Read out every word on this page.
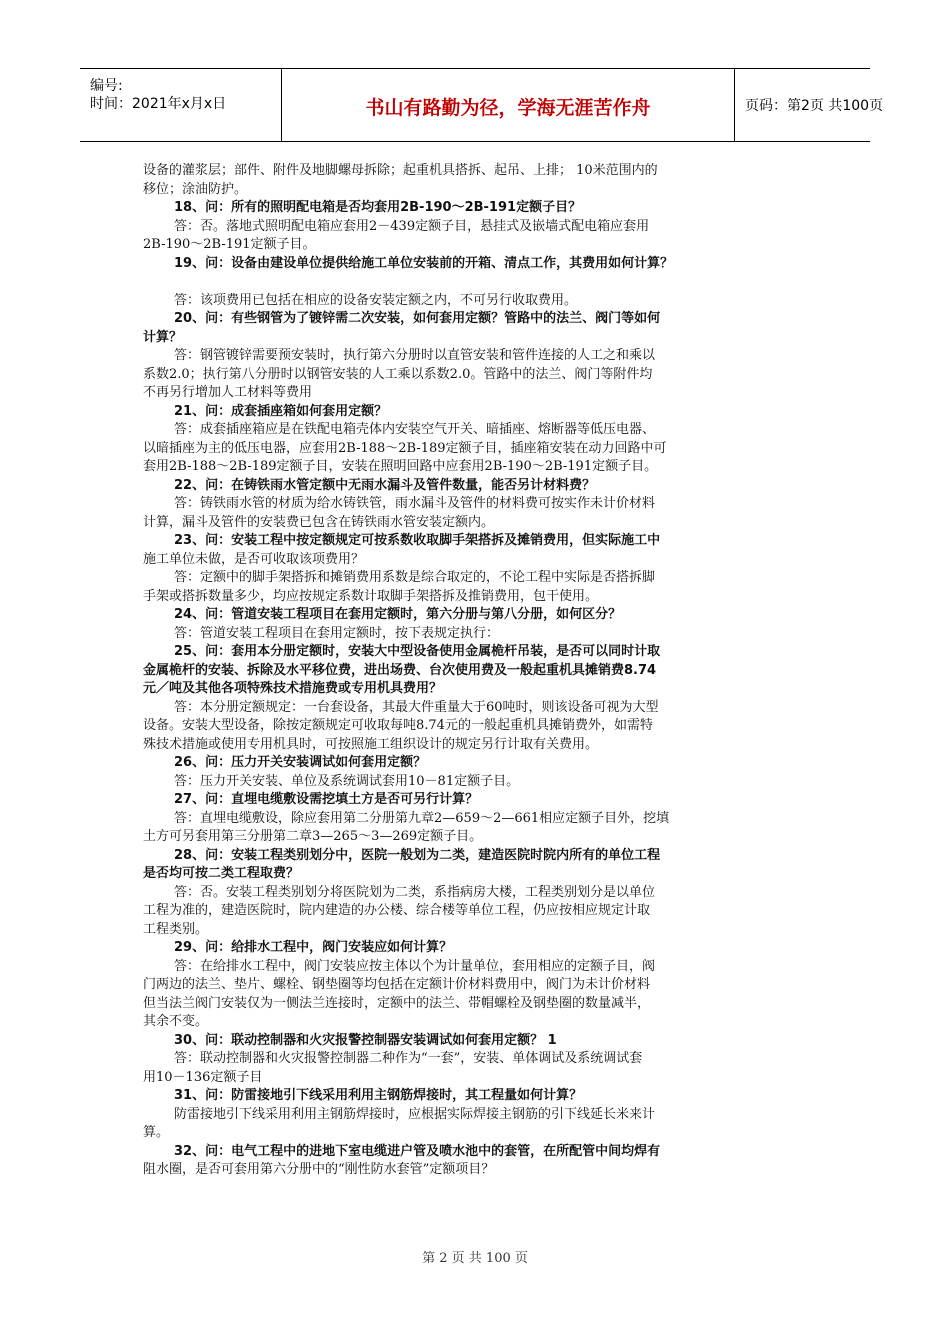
编号:
时间：2021年x月x日	书山有路勤为径，学海无涯苦作舟	页码：第2页 共100页
设备的灌浆层；部件、附件及地脚螺母拆除；起重机具搭拆、起吊、上排； 10米范围内的
移位；涂油防护。
18、问：所有的照明配电箱是否均套用2B-190～2B-191定额子目？
答：否。落地式照明配电箱应套用2－439定额子目，悬挂式及嵌墙式配电箱应套用
2B-190～2B-191定额子目。
19、问：设备由建设单位提供给施工单位安装前的开箱、清点工作，其费用如何计算？
答：该项费用已包括在相应的设备安装定额之内，不可另行收取费用。
20、问：有些钢管为了镀锌需二次安装，如何套用定额？管路中的法兰、阀门等如何
计算？
答：钢管镀锌需要预安装时，执行第六分册时以直管安装和管件连接的人工之和乘以
系数2.0；执行第八分册时以钢管安装的人工乘以系数2.0。管路中的法兰、阀门等附件均
不再另行增加人工材料等费用
21、问：成套插座箱如何套用定额？
答：成套插座箱应是在铁配电箱壳体内安装空气开关、暗插座、熔断器等低压电器、
以暗插座为主的低压电器，应套用2B-188～2B-189定额子目，插座箱安装在动力回路中可
套用2B-188～2B-189定额子目，安装在照明回路中应套用2B-190～2B-191定额子目。
22、问：在铸铁雨水管定额中无雨水漏斗及管件数量，能否另计材料费？
答：铸铁雨水管的材质为给水铸铁管，雨水漏斗及管件的材料费可按实作未计价材料
计算，漏斗及管件的安装费已包含在铸铁雨水管安装定额内。
23、问：安装工程中按定额规定可按系数收取脚手架搭拆及摊销费用，但实际施工中
施工单位未做，是否可收取该项费用？
答：定额中的脚手架搭拆和摊销费用系数是综合取定的，不论工程中实际是否搭拆脚
手架或搭拆数量多少，均应按规定系数计取脚手架搭拆及推销费用，包干使用。
24、问：管道安装工程项目在套用定额时，第六分册与第八分册，如何区分？
答：管道安装工程项目在套用定额时，按下表规定执行：
25、问：套用本分册定额时，安装大中型设备使用金属桅杆吊装，是否可以同时计取
金属桅杆的安装、拆除及水平移位费，进出场费、台次使用费及一般起重机具摊销费8.74
元／吨及其他各项特殊技术措施费或专用机具费用？
答：本分册定额规定：一台套设备，其最大件重量大于60吨时，则该设备可视为大型
设备。安装大型设备，除按定额规定可收取每吨8.74元的一般起重机具摊销费外，如需特
殊技术措施或使用专用机具时，可按照施工组织设计的规定另行计取有关费用。
26、问：压力开关安装调试如何套用定额？
答：压力开关安装、单位及系统调试套用10－81定额子目。
27、问：直埋电缆敷设需挖填土方是否可另行计算？
答：直埋电缆敷设，除应套用第二分册第九章2—659～2—661相应定额子目外，挖填
土方可另套用第三分册第二章3—265～3—269定额子目。
28、问：安装工程类别划分中，医院一般划为二类，建造医院时院内所有的单位工程
是否均可按二类工程取费？
答：否。安装工程类别划分将医院划为二类，系指病房大楼，工程类别划分是以单位
工程为准的，建造医院时，院内建造的办公楼、综合楼等单位工程，仍应按相应规定计取
工程类别。
29、问：给排水工程中，阀门安装应如何计算？
答：在给排水工程中，阀门安装应按主体以个为计量单位，套用相应的定额子目，阀
门两边的法兰、垫片、螺栓、钢垫圈等均包括在定额计价材料费用中，阀门为未计价材料
但当法兰阀门安装仅为一侧法兰连接时，定额中的法兰、带帽螺栓及钢垫圈的数量减半，
其余不变。
30、问：联动控制器和火灾报警控制器安装调试如何套用定额？ 1
答：联动控制器和火灾报警控制器二种作为“一套”，安装、单体调试及系统调试套
用10－136定额子目
31、问：防雷接地引下线采用利用主钢筋焊接时，其工程量如何计算？
防雷接地引下线采用利用主钢筋焊接时，应根据实际焊接主钢筋的引下线延长米来计
算。
32、问：电气工程中的进地下室电缆进户管及喷水池中的套管，在所配管中间均焊有
阻水圈，是否可套用第六分册中的“刚性防水套管”定额项目？
第 2 页 共 100 页
